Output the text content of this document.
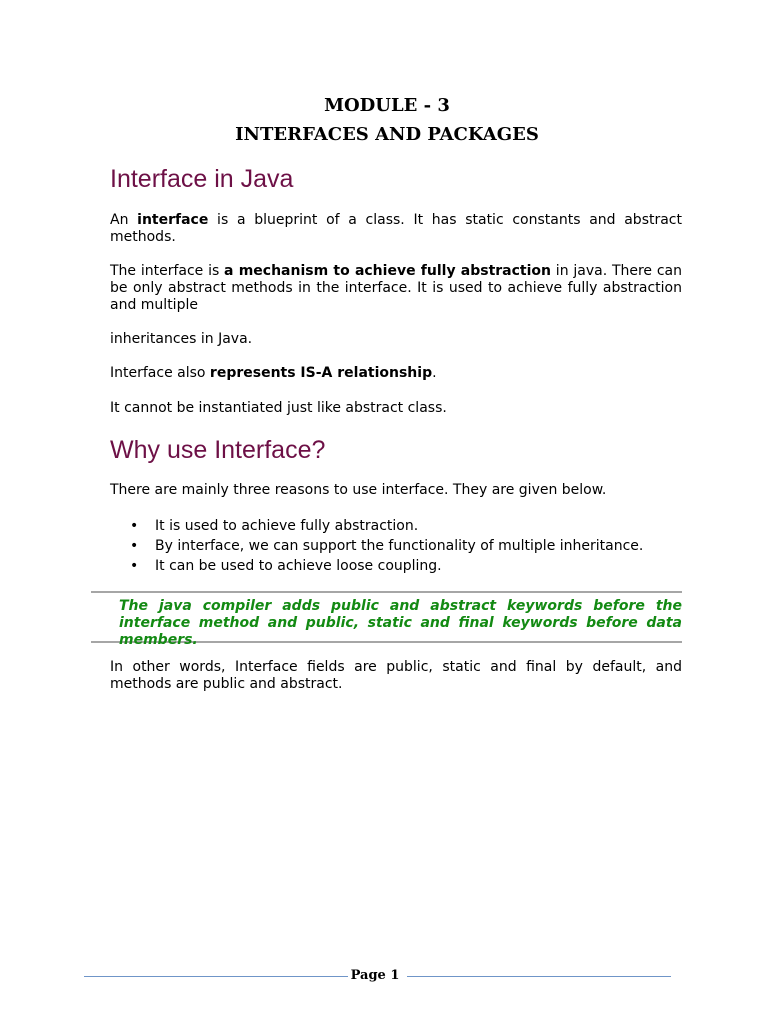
MODULE - 3
INTERFACES AND PACKAGES
Interface in Java

An interface is a blueprint of a class. It has static constants and abstract methods.

The interface is a mechanism to achieve fully abstraction in java. There can be only abstract methods in the interface. It is used to achieve fully abstraction and multiple

inheritances in Java.

Interface also represents IS-A relationship.

It cannot be instantiated just like abstract class.

Why use Interface?

There are mainly three reasons to use interface. They are given below.

• It is used to achieve fully abstraction.
• By interface, we can support the functionality of multiple inheritance.
• It can be used to achieve loose coupling.

The java compiler adds public and abstract keywords before the interface method and public, static and final keywords before data members.

In other words, Interface fields are public, static and final by default, and methods are public and abstract.

Page 1
